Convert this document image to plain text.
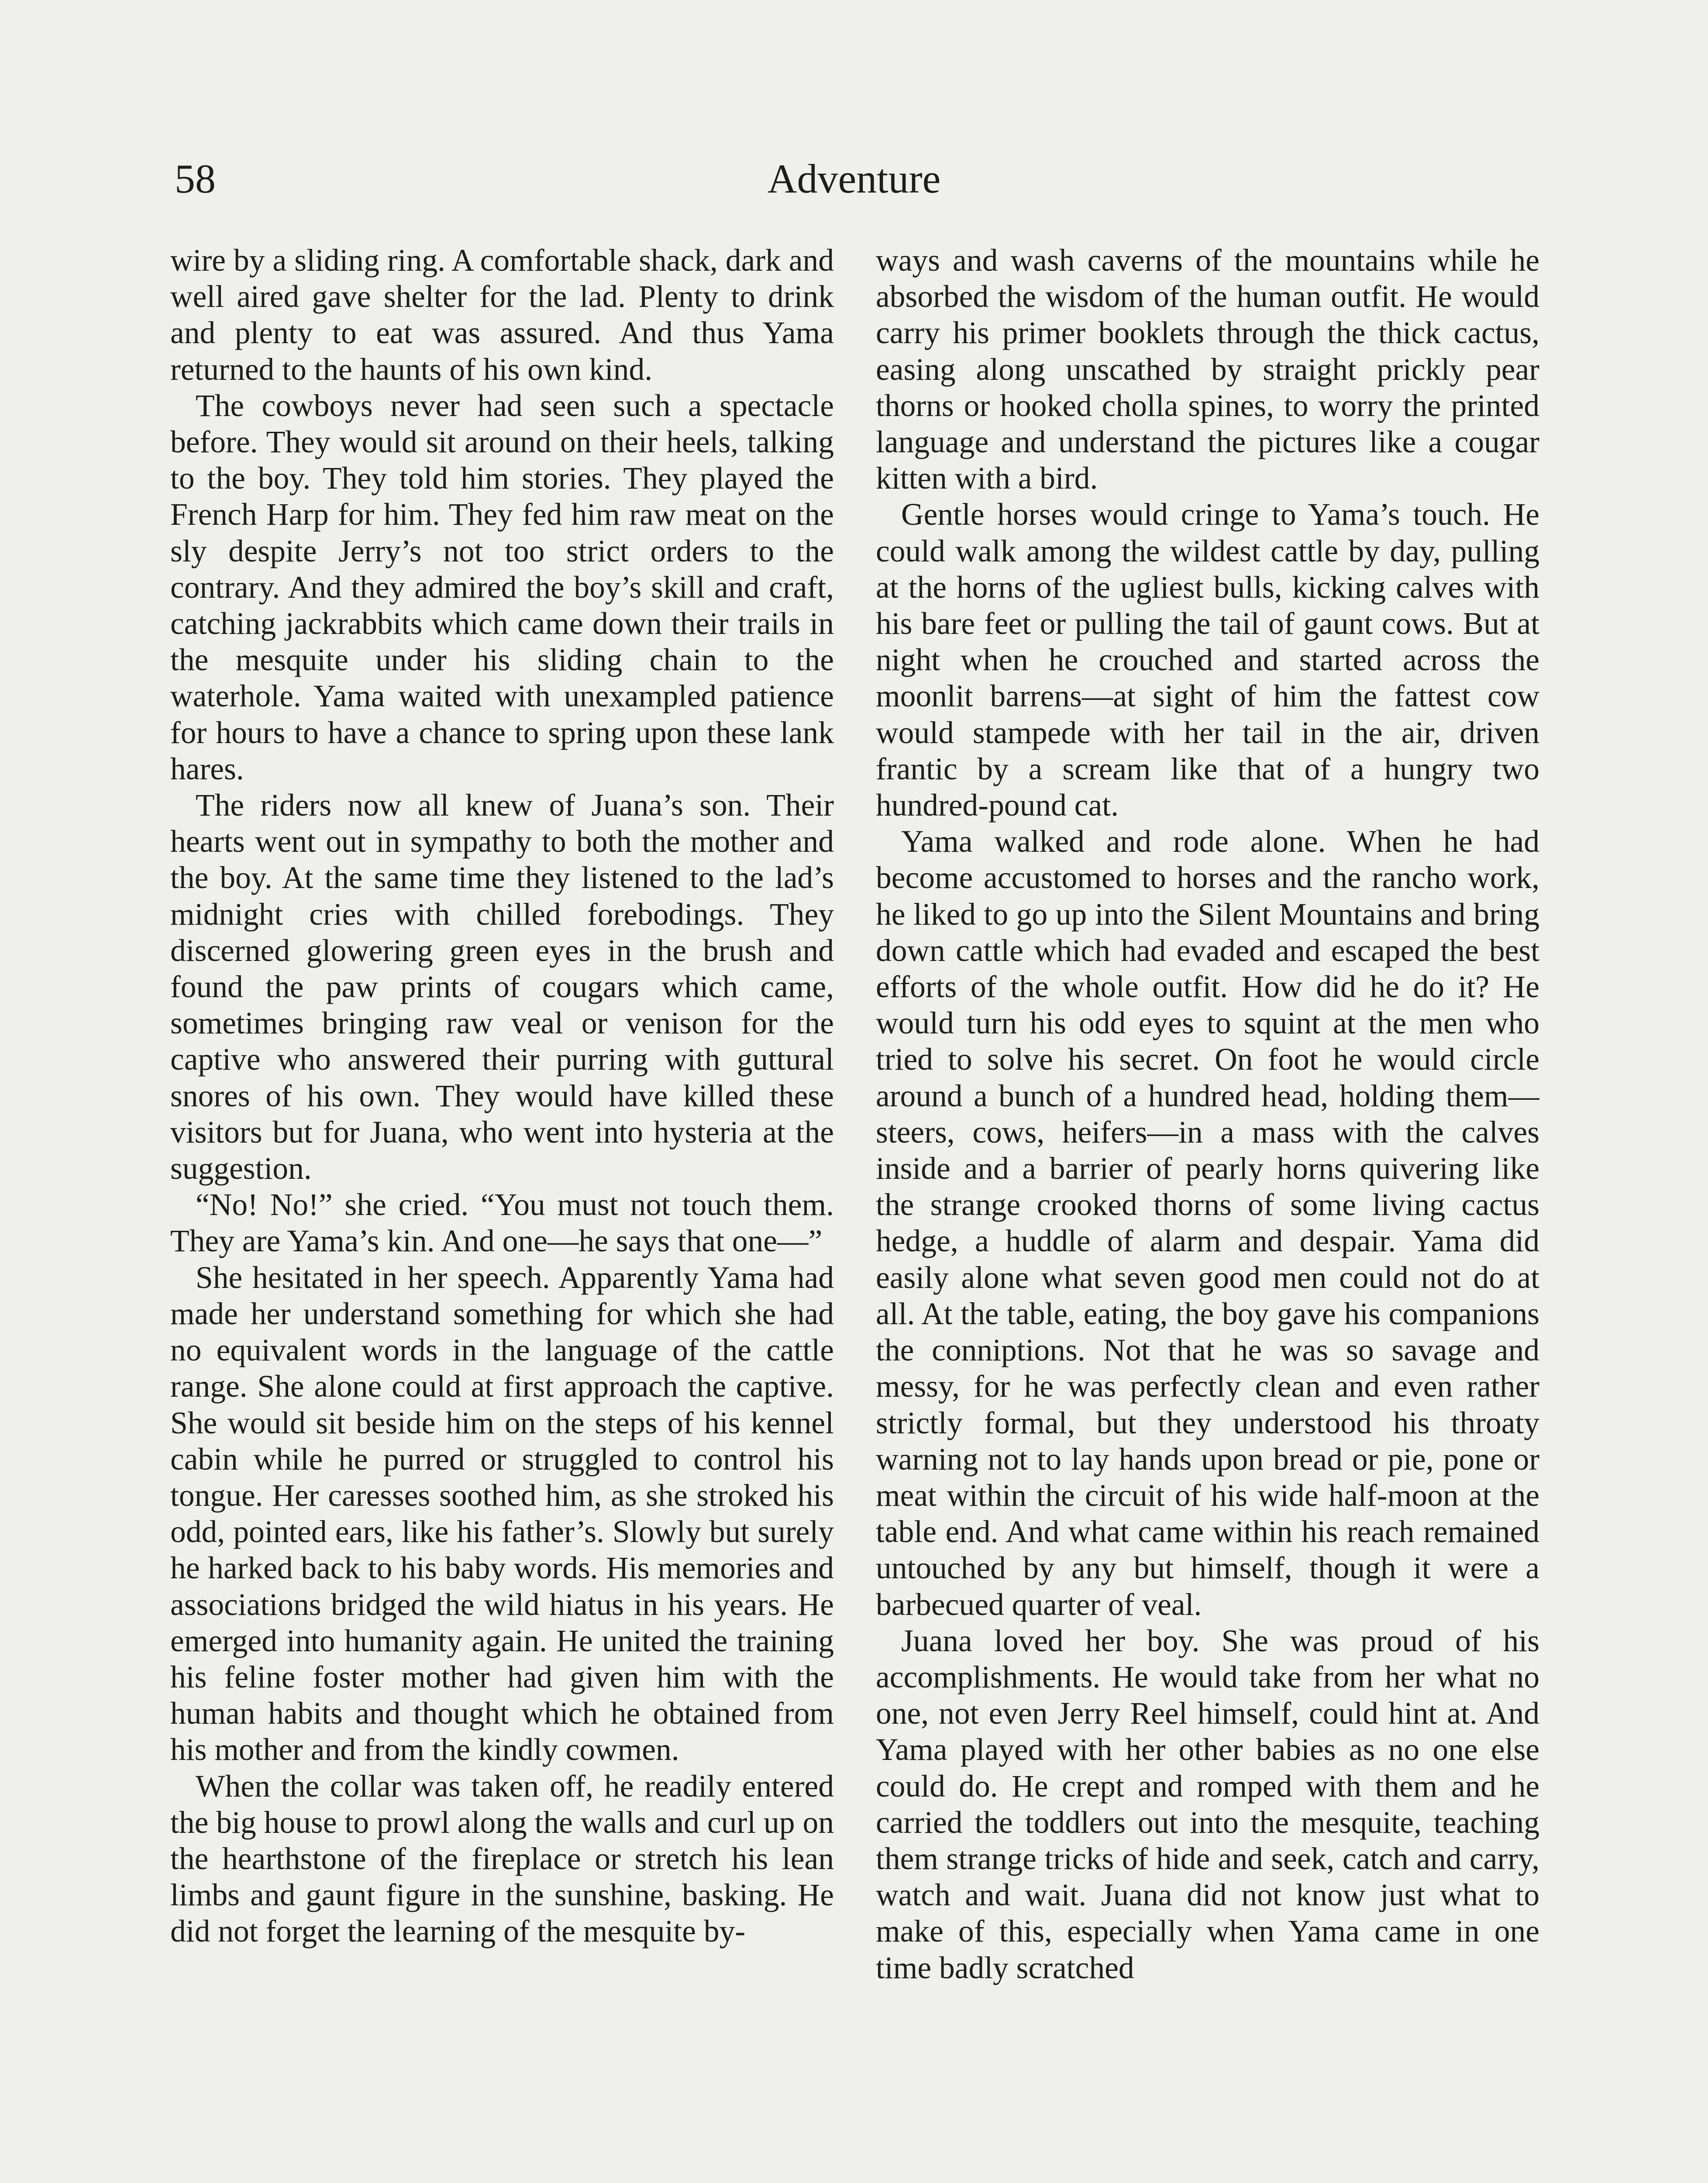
58	Adventure

wire by a sliding ring. A comfortable shack, dark and well aired gave shelter for the lad. Plenty to drink and plenty to eat was assured. And thus Yama returned to the haunts of his own kind.

The cowboys never had seen such a spectacle before. They would sit around on their heels, talking to the boy. They told him stories. They played the French Harp for him. They fed him raw meat on the sly despite Jerry’s not too strict orders to the contrary. And they admired the boy’s skill and craft, catching jackrabbits which came down their trails in the mesquite under his sliding chain to the waterhole. Yama waited with unexampled patience for hours to have a chance to spring upon these lank hares.

The riders now all knew of Juana’s son. Their hearts went out in sympathy to both the mother and the boy. At the same time they listened to the lad’s midnight cries with chilled forebodings. They discerned glowering green eyes in the brush and found the paw prints of cougars which came, sometimes bringing raw veal or venison for the captive who answered their purring with guttural snores of his own. They would have killed these visitors but for Juana, who went into hysteria at the suggestion.

“No! No!” she cried. “You must not touch them. They are Yama’s kin. And one—he says that one—”

She hesitated in her speech. Apparently Yama had made her understand something for which she had no equivalent words in the language of the cattle range. She alone could at first approach the captive. She would sit beside him on the steps of his kennel cabin while he purred or struggled to control his tongue. Her caresses soothed him, as she stroked his odd, pointed ears, like his father’s. Slowly but surely he harked back to his baby words. His memories and associations bridged the wild hiatus in his years. He emerged into humanity again. He united the training his feline foster mother had given him with the human habits and thought which he obtained from his mother and from the kindly cowmen.

When the collar was taken off, he readily entered the big house to prowl along the walls and curl up on the hearthstone of the fireplace or stretch his lean limbs and gaunt figure in the sunshine, basking. He did not forget the learning of the mesquite by-

ways and wash caverns of the mountains while he absorbed the wisdom of the human outfit. He would carry his primer booklets through the thick cactus, easing along unscathed by straight prickly pear thorns or hooked cholla spines, to worry the printed language and understand the pictures like a cougar kitten with a bird.

Gentle horses would cringe to Yama’s touch. He could walk among the wildest cattle by day, pulling at the horns of the ugliest bulls, kicking calves with his bare feet or pulling the tail of gaunt cows. But at night when he crouched and started across the moonlit barrens—at sight of him the fattest cow would stampede with her tail in the air, driven frantic by a scream like that of a hungry two hundred-pound cat.

Yama walked and rode alone. When he had become accustomed to horses and the rancho work, he liked to go up into the Silent Mountains and bring down cattle which had evaded and escaped the best efforts of the whole outfit. How did he do it? He would turn his odd eyes to squint at the men who tried to solve his secret. On foot he would circle around a bunch of a hundred head, holding them—steers, cows, heifers—in a mass with the calves inside and a barrier of pearly horns quivering like the strange crooked thorns of some living cactus hedge, a huddle of alarm and despair. Yama did easily alone what seven good men could not do at all. At the table, eating, the boy gave his companions the conniptions. Not that he was so savage and messy, for he was perfectly clean and even rather strictly formal, but they understood his throaty warning not to lay hands upon bread or pie, pone or meat within the circuit of his wide half-moon at the table end. And what came within his reach remained untouched by any but himself, though it were a barbecued quarter of veal.

Juana loved her boy. She was proud of his accomplishments. He would take from her what no one, not even Jerry Reel himself, could hint at. And Yama played with her other babies as no one else could do. He crept and romped with them and he carried the toddlers out into the mesquite, teaching them strange tricks of hide and seek, catch and carry, watch and wait. Juana did not know just what to make of this, especially when Yama came in one time badly scratched
